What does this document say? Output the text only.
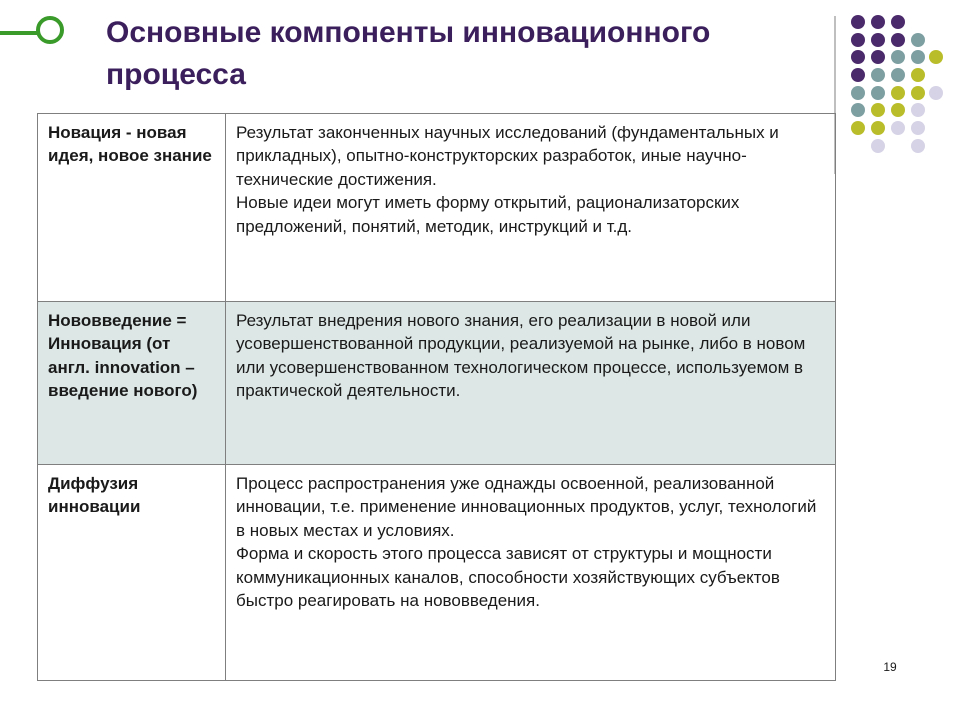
Основные компоненты инновационного процесса
Новация - новая идея, новое знание	Результат законченных научных исследований (фундаментальных и прикладных), опытно-конструкторских разработок, иные научно-технические достижения.

Новые идеи могут иметь форму открытий, рационализаторских предложений, понятий, методик, инструкций и т.д.

Нововведение = Инновация (от англ. innovation – введение нового)	Результат внедрения нового знания, его реализации в новой или усовершенствованной продукции, реализуемой на рынке, либо в новом или усовершенствованном технологическом процессе, используемом в практической деятельности.

Диффузия инновации	Процесс распространения уже однажды освоенной, реализованной инновации, т.е. применение инновационных продуктов, услуг, технологий в новых местах и условиях.

Форма и скорость этого процесса зависят от структуры и мощности коммуникационных каналов, способности хозяйствующих субъектов быстро реагировать на нововведения.

19
